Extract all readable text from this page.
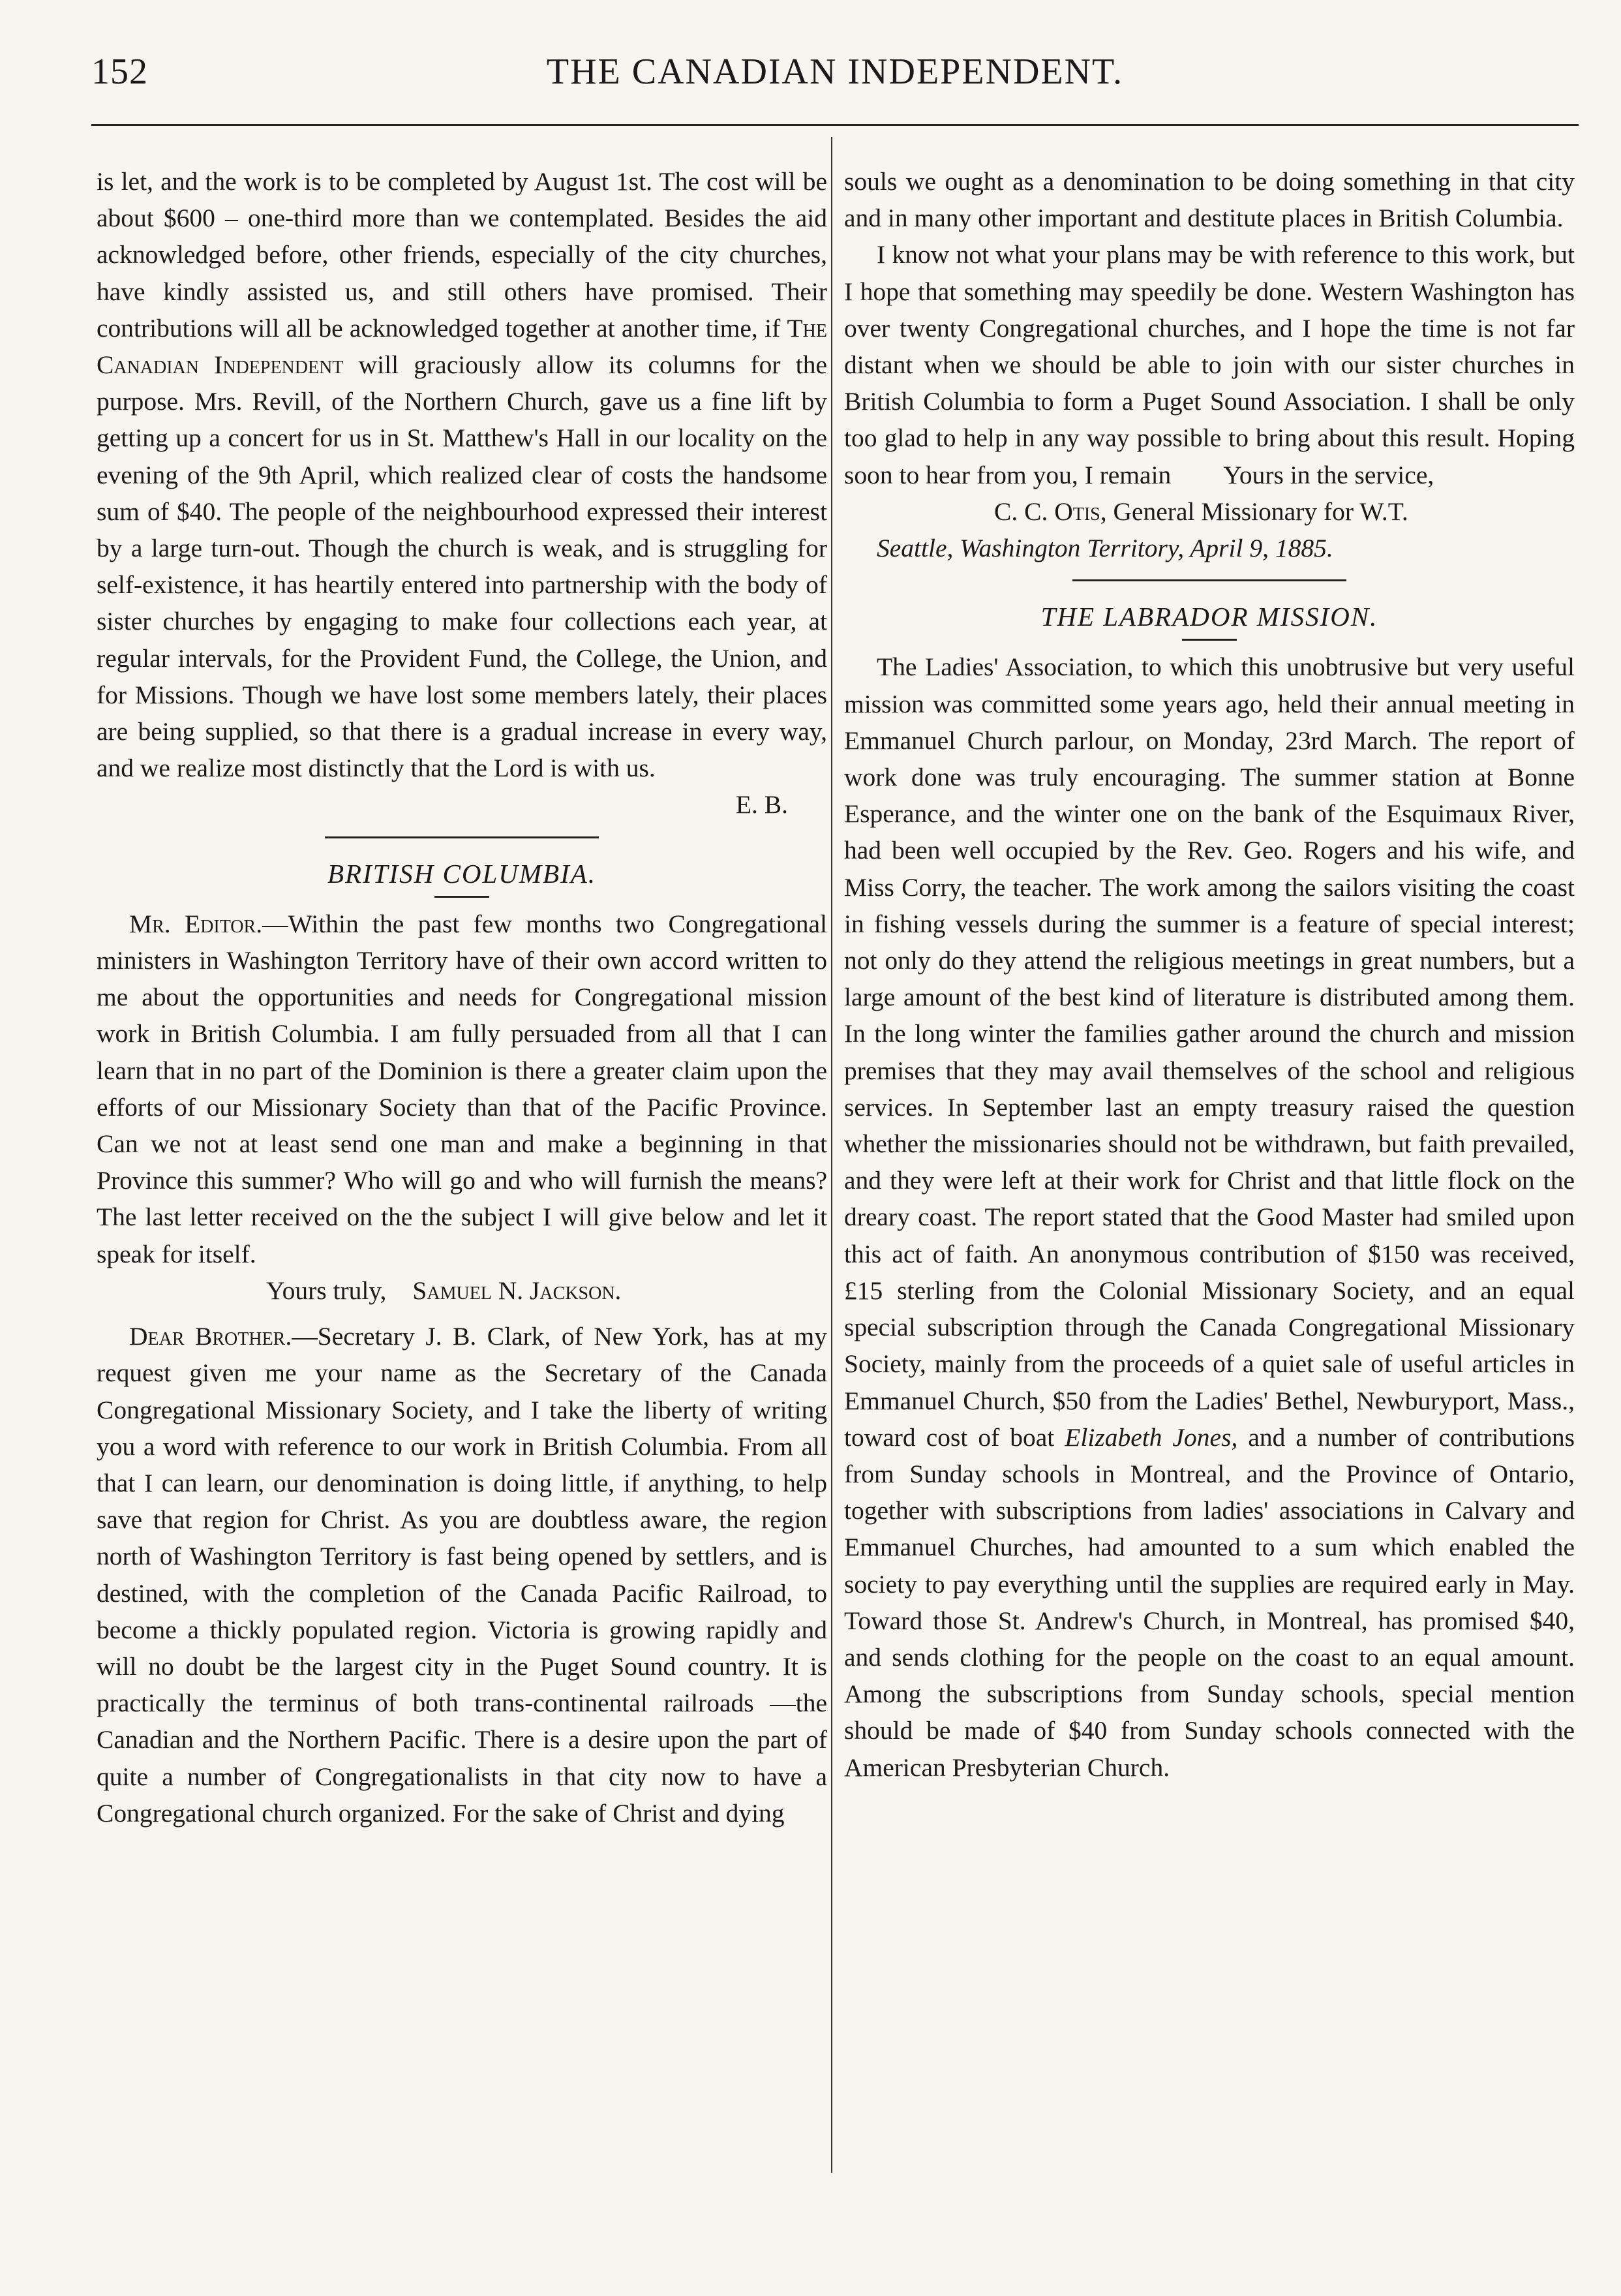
152	THE CANADIAN INDEPENDENT.

is let, and the work is to be completed by August 1st. The cost will be about $600 – one-third more than we contemplated. Besides the aid acknowledged before, other friends, especially of the city churches, have kindly assisted us, and still others have promised. Their contributions will all be acknowledged together at another time, if The Canadian Independent will graciously allow its columns for the purpose. Mrs. Revill, of the Northern Church, gave us a fine lift by getting up a concert for us in St. Matthew's Hall in our locality on the evening of the 9th April, which realized clear of costs the handsome sum of $40. The people of the neighbourhood expressed their interest by a large turn-out. Though the church is weak, and is struggling for self-existence, it has heartily entered into partnership with the body of sister churches by engaging to make four collections each year, at regular intervals, for the Provident Fund, the College, the Union, and for Missions. Though we have lost some members lately, their places are being supplied, so that there is a gradual increase in every way, and we realize most distinctly that the Lord is with us.

E. B.

BRITISH COLUMBIA.

Mr. Editor.—Within the past few months two Congregational ministers in Washington Territory have of their own accord written to me about the opportunities and needs for Congregational mission work in British Columbia. I am fully persuaded from all that I can learn that in no part of the Dominion is there a greater claim upon the efforts of our Missionary Society than that of the Pacific Province. Can we not at least send one man and make a beginning in that Province this summer? Who will go and who will furnish the means? The last letter received on the the subject I will give below and let it speak for itself.

Yours truly, Samuel N. Jackson.

Dear Brother.—Secretary J. B. Clark, of New York, has at my request given me your name as the Secretary of the Canada Congregational Missionary Society, and I take the liberty of writing you a word with reference to our work in British Columbia. From all that I can learn, our denomination is doing little, if anything, to help save that region for Christ. As you are doubtless aware, the region north of Washington Territory is fast being opened by settlers, and is destined, with the completion of the Canada Pacific Railroad, to become a thickly populated region. Victoria is growing rapidly and will no doubt be the largest city in the Puget Sound country. It is practically the terminus of both trans-continental railroads —the Canadian and the Northern Pacific. There is a desire upon the part of quite a number of Congregationalists in that city now to have a Congregational church organized. For the sake of Christ and dying

souls we ought as a denomination to be doing something in that city and in many other important and destitute places in British Columbia.

I know not what your plans may be with reference to this work, but I hope that something may speedily be done. Western Washington has over twenty Congregational churches, and I hope the time is not far distant when we should be able to join with our sister churches in British Columbia to form a Puget Sound Association. I shall be only too glad to help in any way possible to bring about this result. Hoping soon to hear from you, I remain Yours in the service,

C. C. Otis, General Missionary for W.T.

Seattle, Washington Territory, April 9, 1885.

THE LABRADOR MISSION.

The Ladies' Association, to which this unobtrusive but very useful mission was committed some years ago, held their annual meeting in Emmanuel Church parlour, on Monday, 23rd March. The report of work done was truly encouraging. The summer station at Bonne Esperance, and the winter one on the bank of the Esquimaux River, had been well occupied by the Rev. Geo. Rogers and his wife, and Miss Corry, the teacher. The work among the sailors visiting the coast in fishing vessels during the summer is a feature of special interest; not only do they attend the religious meetings in great numbers, but a large amount of the best kind of literature is distributed among them. In the long winter the families gather around the church and mission premises that they may avail themselves of the school and religious services. In September last an empty treasury raised the question whether the missionaries should not be withdrawn, but faith prevailed, and they were left at their work for Christ and that little flock on the dreary coast. The report stated that the Good Master had smiled upon this act of faith. An anonymous contribution of $150 was received, £15 sterling from the Colonial Missionary Society, and an equal special subscription through the Canada Congregational Missionary Society, mainly from the proceeds of a quiet sale of useful articles in Emmanuel Church, $50 from the Ladies' Bethel, Newburyport, Mass., toward cost of boat Elizabeth Jones, and a number of contributions from Sunday schools in Montreal, and the Province of Ontario, together with subscriptions from ladies' associations in Calvary and Emmanuel Churches, had amounted to a sum which enabled the society to pay everything until the supplies are required early in May. Toward those St. Andrew's Church, in Montreal, has promised $40, and sends clothing for the people on the coast to an equal amount. Among the subscriptions from Sunday schools, special mention should be made of $40 from Sunday schools connected with the American Presbyterian Church.
